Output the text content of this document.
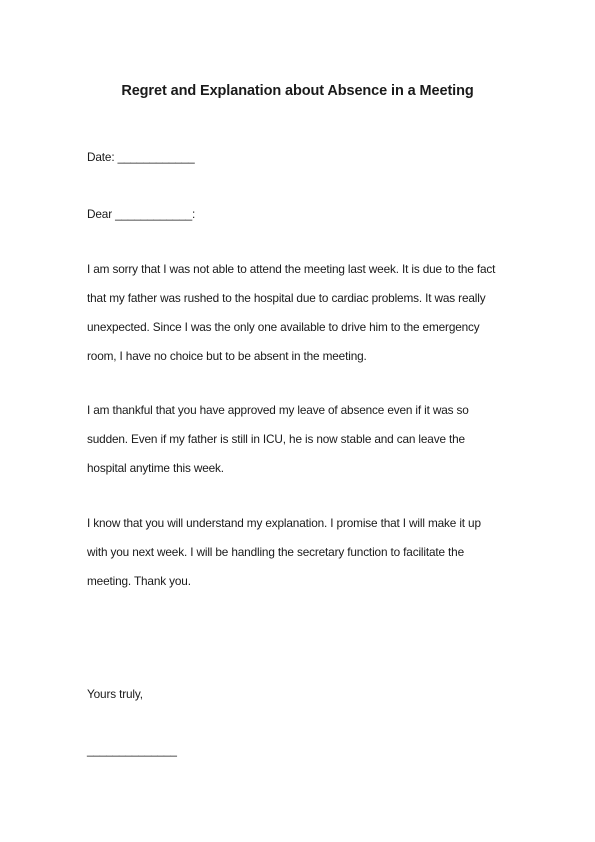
Regret and Explanation about Absence in a Meeting
Date: ____________
Dear ____________:
I am sorry that I was not able to attend the meeting last week. It is due to the fact
that my father was rushed to the hospital due to cardiac problems. It was really
unexpected. Since I was the only one available to drive him to the emergency
room, I have no choice but to be absent in the meeting.
I am thankful that you have approved my leave of absence even if it was so
sudden. Even if my father is still in ICU, he is now stable and can leave the
hospital anytime this week.
I know that you will understand my explanation. I promise that I will make it up
with you next week. I will be handling the secretary function to facilitate the
meeting. Thank you.
Yours truly,
______________
